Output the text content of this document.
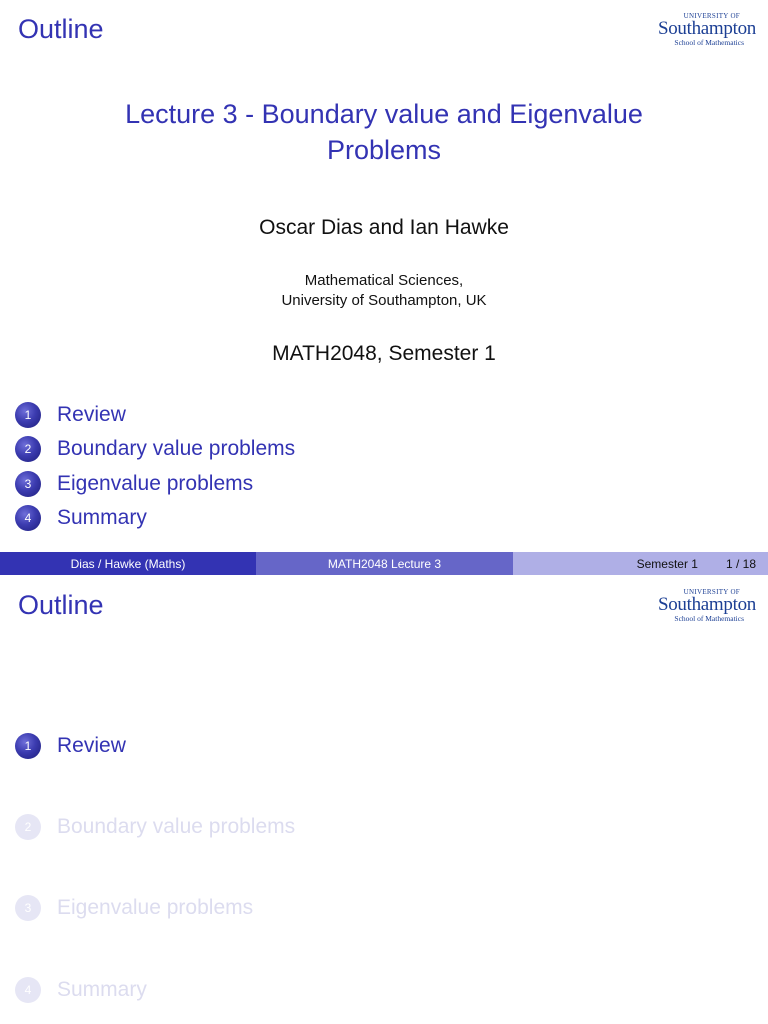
Outline	UNIVERSITY OF
Southampton
School of Mathematics
Lecture 3 - Boundary value and Eigenvalue
Problems
Oscar Dias and Ian Hawke
Mathematical Sciences,
University of Southampton, UK
MATH2048, Semester 1
1	Review
2	Boundary value problems
3	Eigenvalue problems
4	Summary
Dias / Hawke (Maths)	MATH2048 Lecture 3	Semester 1 1 / 18
Outline	UNIVERSITY OF
Southampton
School of Mathematics
1	Review
2	Boundary value problems
3	Eigenvalue problems
4	Summary
